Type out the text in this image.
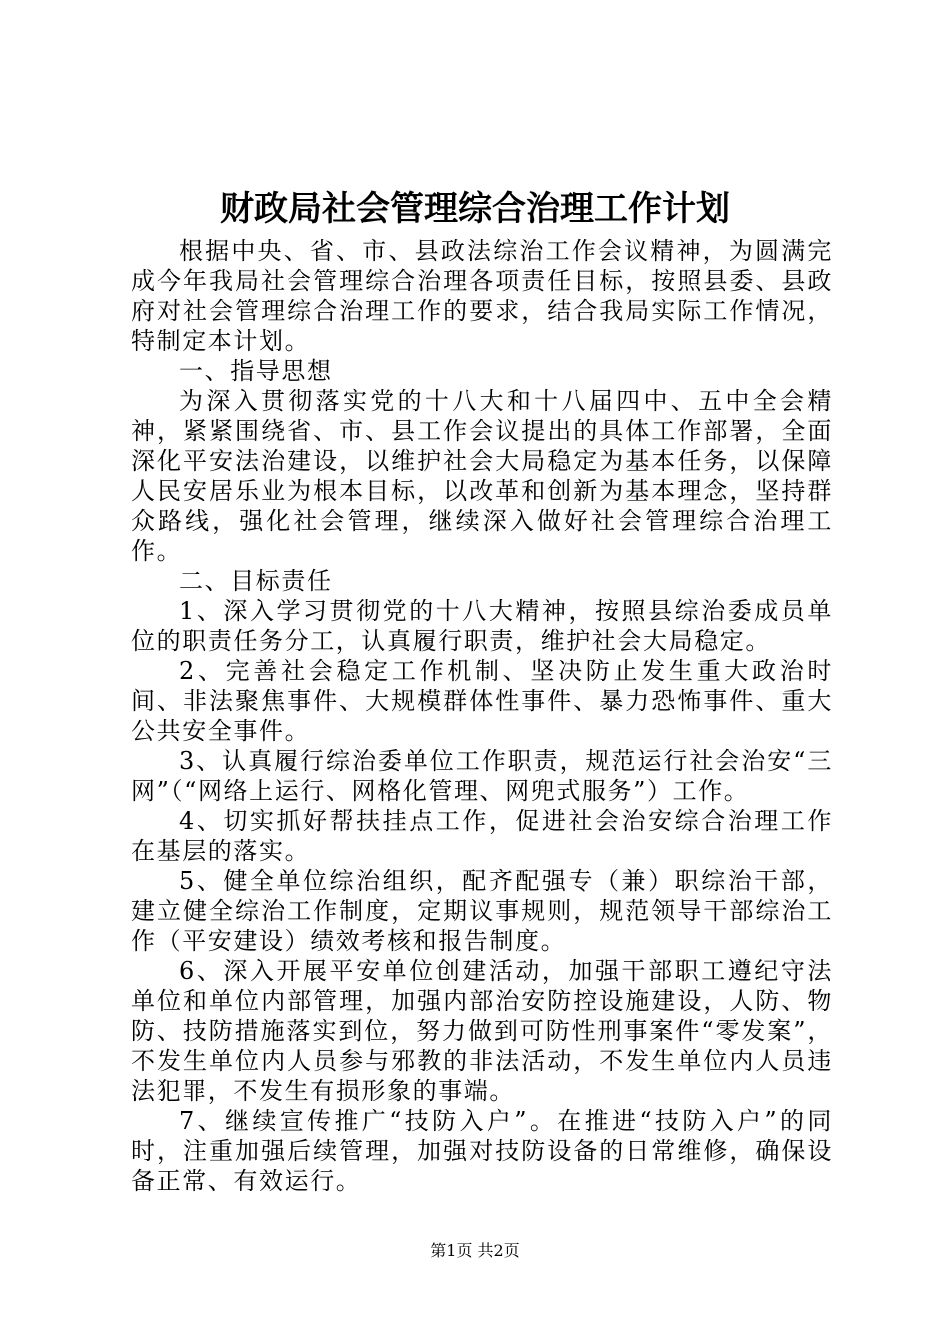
财政局社会管理综合治理工作计划

根据中央、省、市、县政法综治工作会议精神，为圆满完成今年我局社会管理综合治理各项责任目标，按照县委、县政府对社会管理综合治理工作的要求，结合我局实际工作情况，特制定本计划。

一、指导思想

为深入贯彻落实党的十八大和十八届四中、五中全会精神，紧紧围绕省、市、县工作会议提出的具体工作部署，全面深化平安法治建设，以维护社会大局稳定为基本任务，以保障人民安居乐业为根本目标，以改革和创新为基本理念，坚持群众路线，强化社会管理，继续深入做好社会管理综合治理工作。

二、目标责任

1、深入学习贯彻党的十八大精神，按照县综治委成员单位的职责任务分工，认真履行职责，维护社会大局稳定。

2、完善社会稳定工作机制、坚决防止发生重大政治时间、非法聚焦事件、大规模群体性事件、暴力恐怖事件、重大公共安全事件。

3、认真履行综治委单位工作职责，规范运行社会治安“三网”（“网络上运行、网格化管理、网兜式服务”）工作。

4、切实抓好帮扶挂点工作，促进社会治安综合治理工作在基层的落实。

5、健全单位综治组织，配齐配强专（兼）职综治干部，建立健全综治工作制度，定期议事规则，规范领导干部综治工作（平安建设）绩效考核和报告制度。

6、深入开展平安单位创建活动，加强干部职工遵纪守法单位和单位内部管理，加强内部治安防控设施建设，人防、物防、技防措施落实到位，努力做到可防性刑事案件“零发案”，不发生单位内人员参与邪教的非法活动，不发生单位内人员违法犯罪，不发生有损形象的事端。

7、继续宣传推广“技防入户”。在推进“技防入户”的同时，注重加强后续管理，加强对技防设备的日常维修，确保设备正常、有效运行。

第1页 共2页
